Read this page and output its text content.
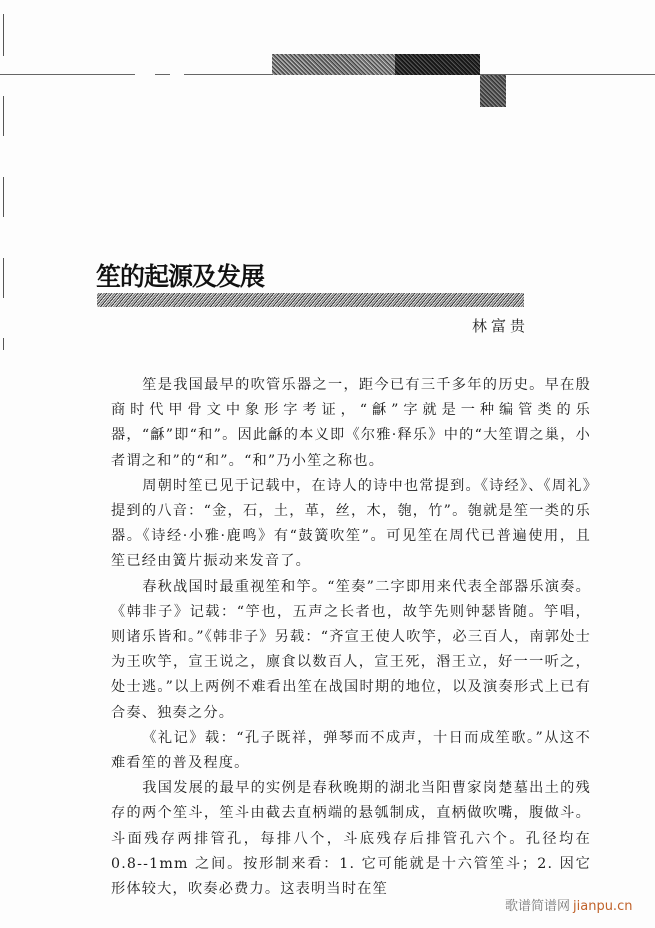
笙的起源及发展
林富贵

笙是我国最早的吹管乐器之一，距今已有三千多年的历史。早在殷商时代甲骨文中象形字考证，“龢”字就是一种编管类的乐器，“龢”即“和”。因此龢的本义即《尔雅·释乐》中的“大笙谓之巢，小者谓之和”的“和”。“和”乃小笙之称也。

周朝时笙已见于记载中，在诗人的诗中也常提到。《诗经》、《周礼》提到的八音：“金，石，土，革，丝，木，匏，竹”。匏就是笙一类的乐器。《诗经·小雅·鹿鸣》有“鼓簧吹笙”。可见笙在周代已普遍使用，且笙已经由簧片振动来发音了。

春秋战国时最重视笙和竽。“笙奏”二字即用来代表全部器乐演奏。《韩非子》记载：“竽也，五声之长者也，故竽先则钟瑟皆随。竽唱，则诸乐皆和。”《韩非子》另载：“齐宣王使人吹竽，必三百人，南郭处士为王吹竽，宣王说之，廪食以数百人，宣王死，湣王立，好一一听之，处士逃。”以上两例不难看出笙在战国时期的地位，以及演奏形式上已有合奏、独奏之分。

《礼记》载：“孔子既祥，弹琴而不成声，十日而成笙歌。”从这不难看笙的普及程度。

我国发展的最早的实例是春秋晚期的湖北当阳曹家岗楚墓出土的残存的两个笙斗，笙斗由截去直柄端的悬瓠制成，直柄做吹嘴，腹做斗。斗面残存两排管孔，每排八个，斗底残存后排管孔六个。孔径均在 0.8--1mm 之间。按形制来看：1. 它可能就是十六管笙斗；2. 因它形体较大，吹奏必费力。这表明当时在笙

歌谱简谱网 jianpu.cn
